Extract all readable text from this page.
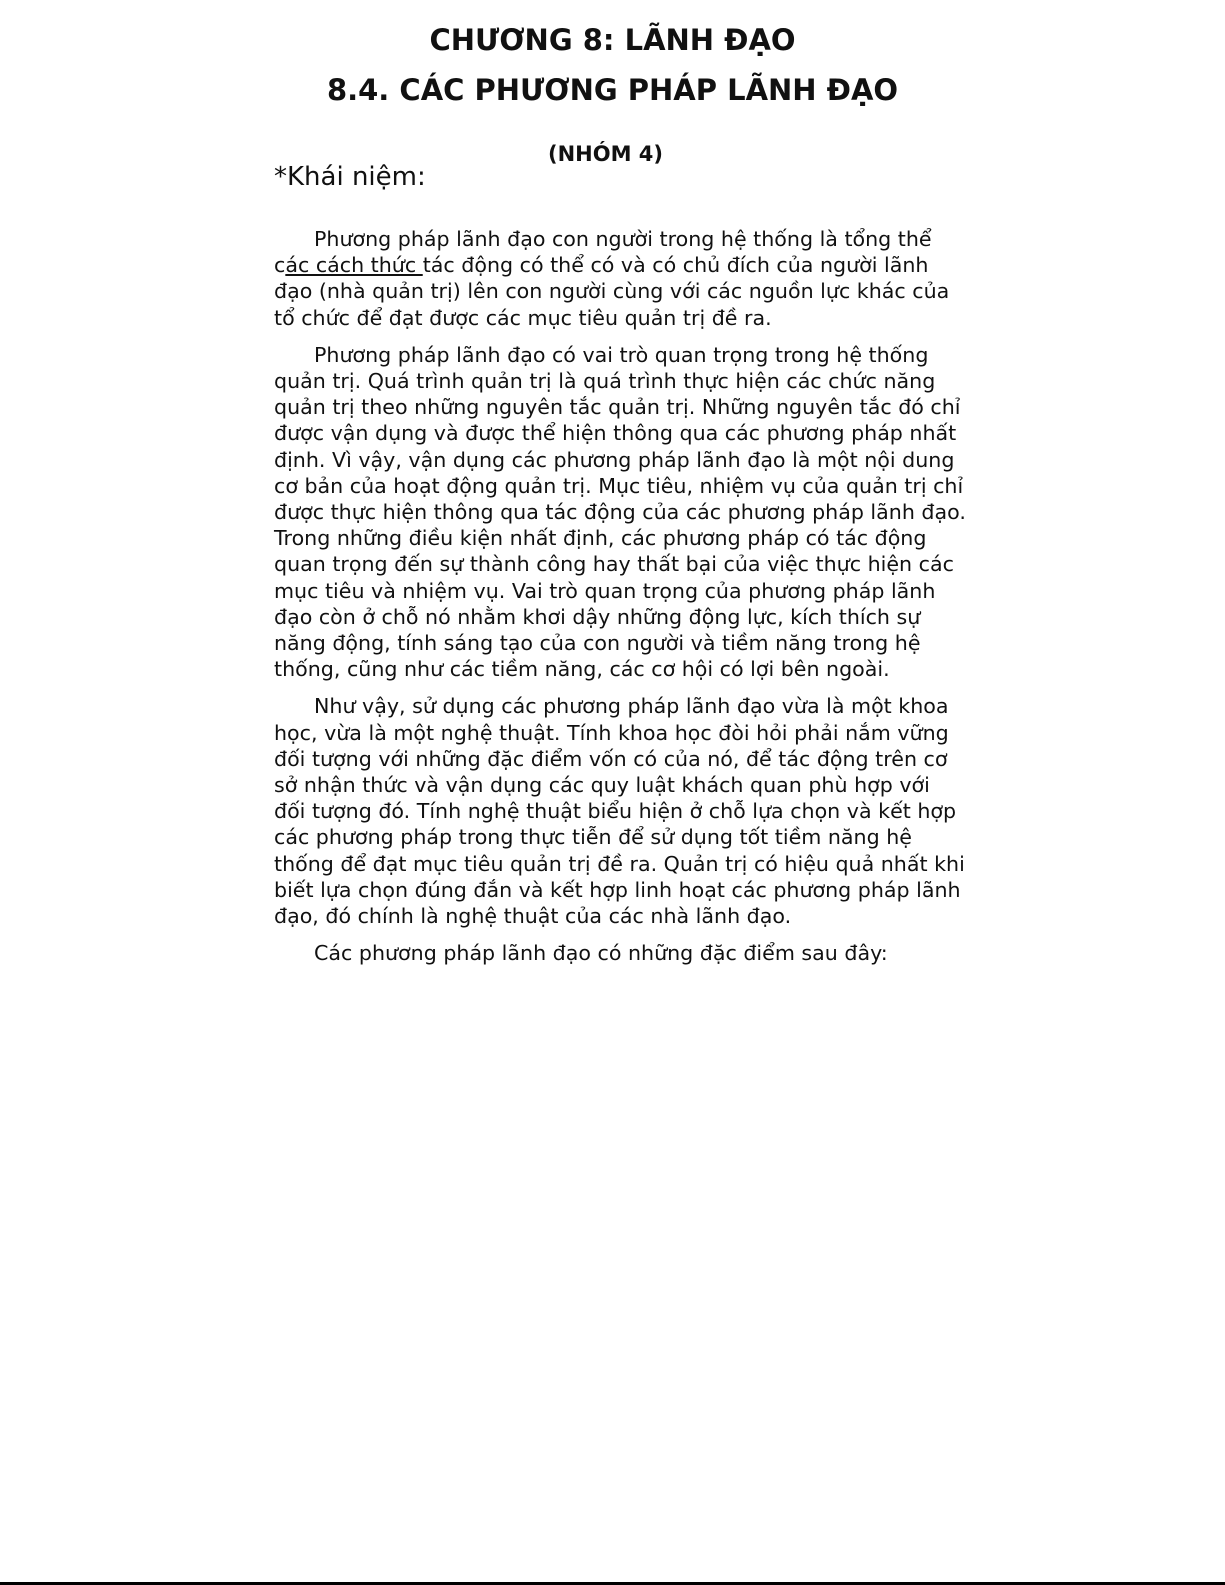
CHƯƠNG 8: LÃNH ĐẠO
8.4. CÁC PHƯƠNG PHÁP LÃNH ĐẠO
(NHÓM 4)
*Khái niệm:

Phương pháp lãnh đạo con người trong hệ thống là tổng thể các cách thức tác động có thể có và có chủ đích của người lãnh đạo (nhà quản trị) lên con người cùng với các nguồn lực khác của tổ chức để đạt được các mục tiêu quản trị đề ra.

Phương pháp lãnh đạo có vai trò quan trọng trong hệ thống quản trị. Quá trình quản trị là quá trình thực hiện các chức năng quản trị theo những nguyên tắc quản trị. Những nguyên tắc đó chỉ được vận dụng và được thể hiện thông qua các phương pháp nhất định. Vì vậy, vận dụng các phương pháp lãnh đạo là một nội dung cơ bản của hoạt động quản trị. Mục tiêu, nhiệm vụ của quản trị chỉ được thực hiện thông qua tác động của các phương pháp lãnh đạo. Trong những điều kiện nhất định, các phương pháp có tác động quan trọng đến sự thành công hay thất bại của việc thực hiện các mục tiêu và nhiệm vụ. Vai trò quan trọng của phương pháp lãnh đạo còn ở chỗ nó nhằm khơi dậy những động lực, kích thích sự năng động, tính sáng tạo của con người và tiềm năng trong hệ thống, cũng như các tiềm năng, các cơ hội có lợi bên ngoài.

Như vậy, sử dụng các phương pháp lãnh đạo vừa là một khoa học, vừa là một nghệ thuật. Tính khoa học đòi hỏi phải nắm vững đối tượng với những đặc điểm vốn có của nó, để tác động trên cơ sở nhận thức và vận dụng các quy luật khách quan phù hợp với đối tượng đó. Tính nghệ thuật biểu hiện ở chỗ lựa chọn và kết hợp các phương pháp trong thực tiễn để sử dụng tốt tiềm năng hệ thống để đạt mục tiêu quản trị đề ra. Quản trị có hiệu quả nhất khi biết lựa chọn đúng đắn và kết hợp linh hoạt các phương pháp lãnh đạo, đó chính là nghệ thuật của các nhà lãnh đạo.

Các phương pháp lãnh đạo có những đặc điểm sau đây:
